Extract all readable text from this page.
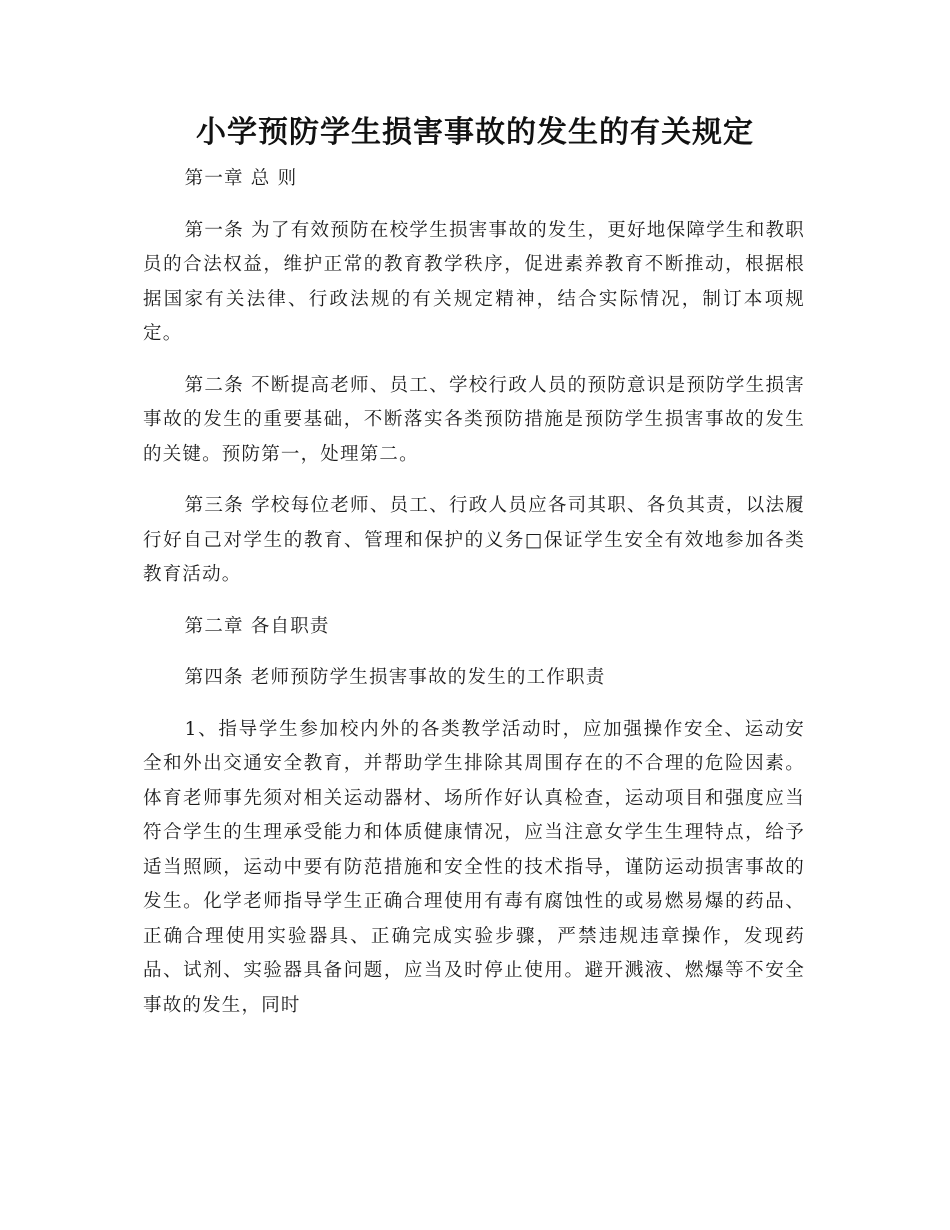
小学预防学生损害事故的发生的有关规定

第一章 总 则

第一条 为了有效预防在校学生损害事故的发生，更好地保障学生和教职员的合法权益，维护正常的教育教学秩序，促进素养教育不断推动，根据根据国家有关法律、行政法规的有关规定精神，结合实际情况，制订本项规定。

第二条 不断提高老师、员工、学校行政人员的预防意识是预防学生损害事故的发生的重要基础，不断落实各类预防措施是预防学生损害事故的发生的关键。预防第一，处理第二。

第三条 学校每位老师、员工、行政人员应各司其职、各负其责，以法履行好自己对学生的教育、管理和保护的义务□保证学生安全有效地参加各类教育活动。

第二章 各自职责

第四条 老师预防学生损害事故的发生的工作职责

1、指导学生参加校内外的各类教学活动时，应加强操作安全、运动安全和外出交通安全教育，并帮助学生排除其周围存在的不合理的危险因素。体育老师事先须对相关运动器材、场所作好认真检查，运动项目和强度应当符合学生的生理承受能力和体质健康情况，应当注意女学生生理特点，给予适当照顾，运动中要有防范措施和安全性的技术指导，谨防运动损害事故的发生。化学老师指导学生正确合理使用有毒有腐蚀性的或易燃易爆的药品、正确合理使用实验器具、正确完成实验步骤，严禁违规违章操作，发现药品、试剂、实验器具备问题，应当及时停止使用。避开溅液、燃爆等不安全事故的发生，同时
